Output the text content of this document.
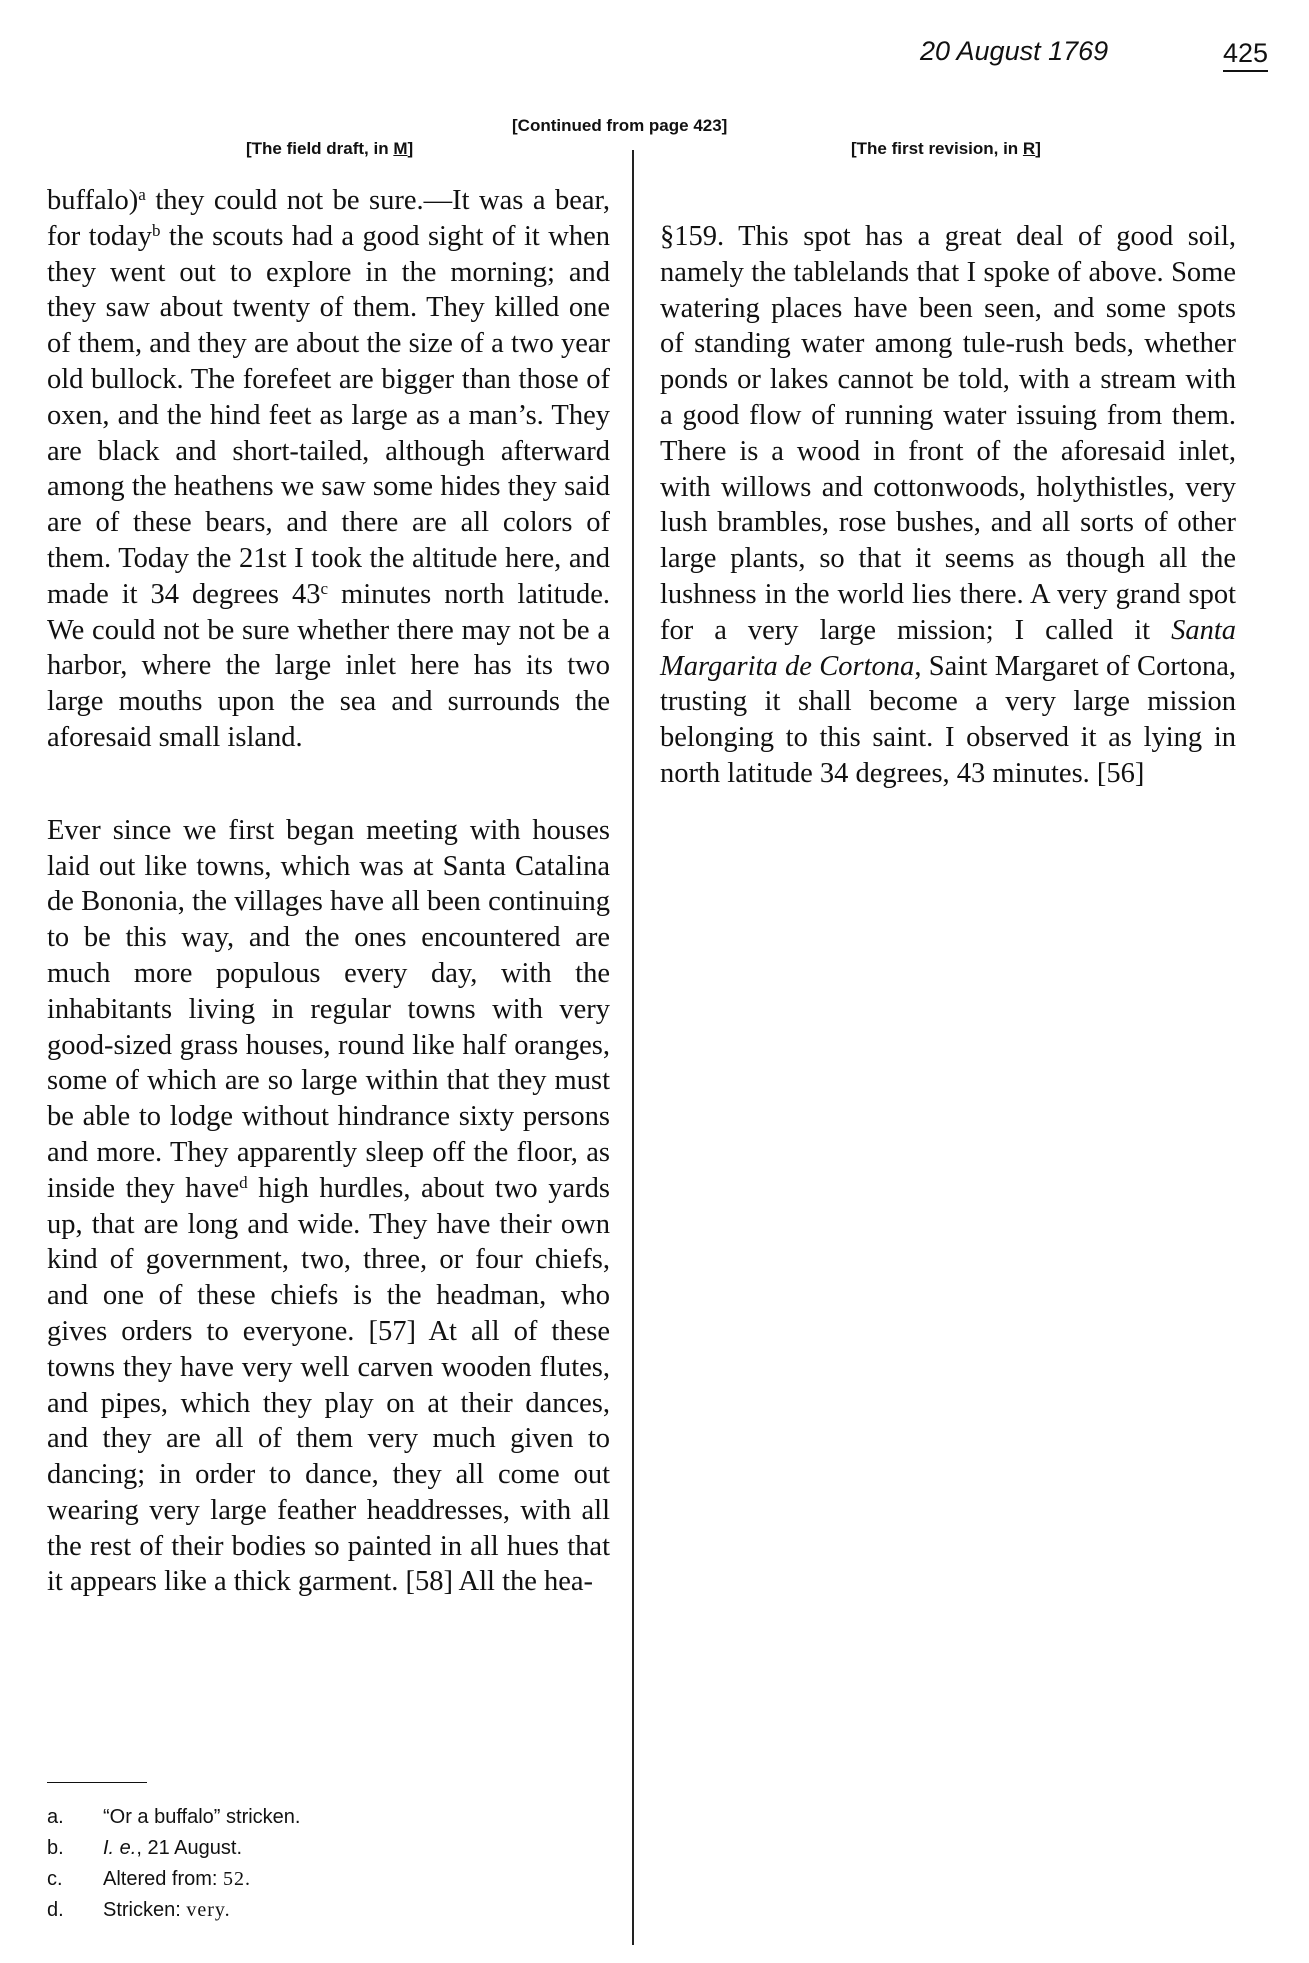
20 August 1769	425
[Continued from page 423]
[The field draft, in M]	[The first revision, in R]

buffalo)$^a$ they could not be sure.—It was a bear, for today$^b$ the scouts had a good sight of it when they went out to explore in the morning; and they saw about twenty of them. They killed one of them, and they are about the size of a two year old bullock. The forefeet are bigger than those of oxen, and the hind feet as large as a man’s. They are black and short-tailed, although afterward among the heathens we saw some hides they said are of these bears, and there are all colors of them. Today the 21st I took the altitude here, and made it 34 degrees 43$^c$ minutes north latitude. We could not be sure whether there may not be a harbor, where the large inlet here has its two large mouths upon the sea and surrounds the aforesaid small island.

Ever since we first began meeting with houses laid out like towns, which was at Santa Catalina de Bononia, the villages have all been continuing to be this way, and the ones encountered are much more populous every day, with the inhabitants living in regular towns with very good-sized grass houses, round like half oranges, some of which are so large within that they must be able to lodge without hindrance sixty persons and more. They apparently sleep off the floor, as inside they have$^d$ high hurdles, about two yards up, that are long and wide. They have their own kind of government, two, three, or four chiefs, and one of these chiefs is the headman, who gives orders to everyone. [57] At all of these towns they have very well carven wooden flutes, and pipes, which they play on at their dances, and they are all of them very much given to dancing; in order to dance, they all come out wearing very large feather headdresses, with all the rest of their bodies so painted in all hues that it appears like a thick garment. [58] All the hea-

§159. This spot has a great deal of good soil, namely the tablelands that I spoke of above. Some watering places have been seen, and some spots of standing water among tule-rush beds, whether ponds or lakes cannot be told, with a stream with a good flow of running water issuing from them. There is a wood in front of the aforesaid inlet, with willows and cottonwoods, holythistles, very lush brambles, rose bushes, and all sorts of other large plants, so that it seems as though all the lushness in the world lies there. A very grand spot for a very large mission; I called it Santa Margarita de Cortona, Saint Margaret of Cortona, trusting it shall become a very large mission belonging to this saint. I observed it as lying in north latitude 34 degrees, 43 minutes. [56]

a.	“Or a buffalo” stricken.
b.	I. e., 21 August.
c.	Altered from: 52.
d.	Stricken: very.
